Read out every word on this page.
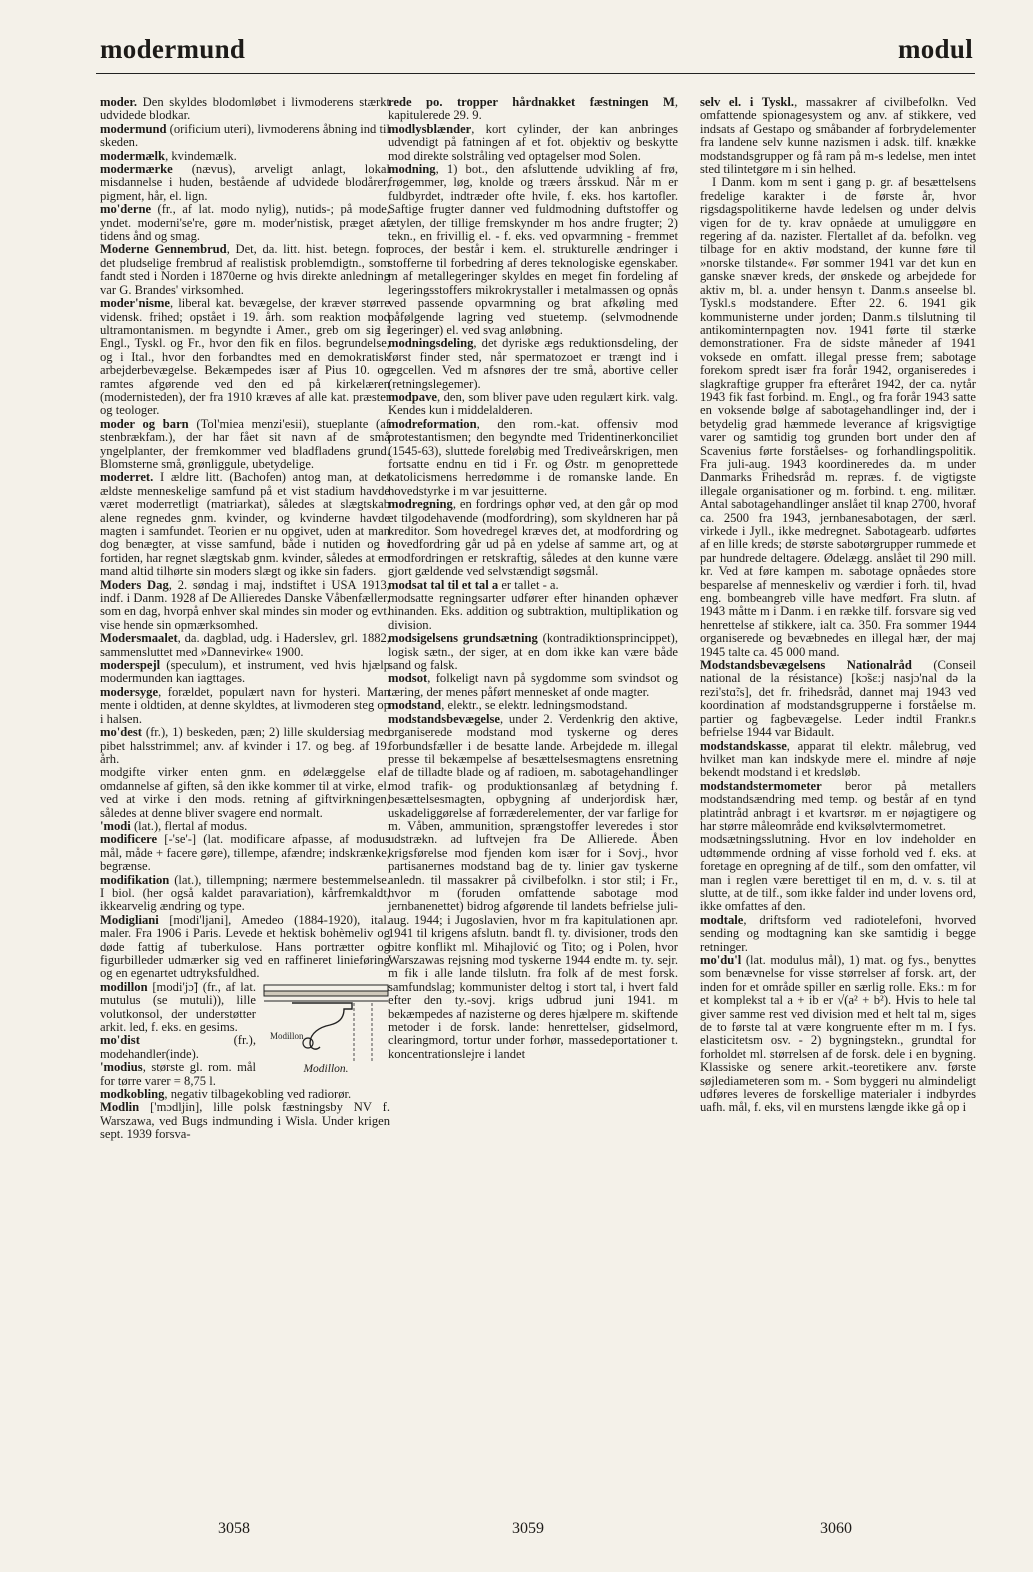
modermund	modul

moder. Den skyldes blodomløbet i livmoderens stærkt udvidede blodkar.

modermund (orificium uteri), livmoderens åbning ind til skeden.

modermælk, kvindemælk.

modermærke (nævus), arveligt anlagt, lokal misdannelse i huden, bestående af udvidede blodårer, pigment, hår, el. lign.

mo'derne (fr., af lat. modo nylig), nutids-; på mode, yndet. moderni'se're, gøre m. moder'nistisk, præget af tidens ånd og smag.

Moderne Gennembrud, Det, da. litt. hist. betegn. for det pludselige frembrud af realistisk problemdigtn., som fandt sted i Norden i 1870erne og hvis direkte anledning var G. Brandes' virksomhed.

moder'nisme, liberal kat. bevægelse, der kræver større vidensk. frihed; opstået i 19. årh. som reaktion mod ultramontanismen. m begyndte i Amer., greb om sig i Engl., Tyskl. og Fr., hvor den fik en filos. begrundelse, og i Ital., hvor den forbandtes med en demokratisk arbejderbevægelse. Bekæmpedes især af Pius 10. og ramtes afgørende ved den ed på kirkelæren (modernisteden), der fra 1910 kræves af alle kat. præster og teologer.

moder og barn (Tol'miea menzi'esii), stueplante (af stenbrækfam.), der har fået sit navn af de små yngelplanter, der fremkommer ved bladfladens grund. Blomsterne små, grønliggule, ubetydelige.

moderret. I ældre litt. (Bachofen) antog man, at det ældste menneskelige samfund på et vist stadium havde været moderretligt (matriarkat), således at slægtskab alene regnedes gnm. kvinder, og kvinderne havde magten i samfundet. Teorien er nu opgivet, uden at man dog benægter, at visse samfund, både i nutiden og i fortiden, har regnet slægtskab gnm. kvinder, således at en mand altid tilhørte sin moders slægt og ikke sin faders.

Moders Dag, 2. søndag i maj, indstiftet i USA 1913, indf. i Danm. 1928 af De Allieredes Danske Våbenfæller, som en dag, hvorpå enhver skal mindes sin moder og evt. vise hende sin opmærksomhed.

Modersmaalet, da. dagblad, udg. i Haderslev, grl. 1882, sammensluttet med »Dannevirke« 1900.

moderspejl (speculum), et instrument, ved hvis hjælp modermunden kan iagttages.

modersyge, forældet, populært navn for hysteri. Man mente i oldtiden, at denne skyldtes, at livmoderen steg op i halsen.

mo'dest (fr.), 1) beskeden, pæn; 2) lille skuldersiag med pibet halsstrimmel; anv. af kvinder i 17. og beg. af 19. årh.

modgifte virker enten gnm. en ødelæggelse el. omdannelse af giften, så den ikke kommer til at virke, el. ved at virke i den mods. retning af giftvirkningen, således at denne bliver svagere end normalt.

'modi (lat.), flertal af modus.

modificere [-'se'-] (lat. modificare afpasse, af modus mål, måde + facere gøre), tillempe, afændre; indskrænke, begrænse.

modifikation (lat.), tillempning; nærmere bestemmelse. I biol. (her også kaldet paravariation), kårfremkaldt, ikkearvelig ændring og type.

Modigliani [modi'ljani], Amedeo (1884-1920), ital. maler. Fra 1906 i Paris. Levede et hektisk bohèmeliv og døde fattig af tuberkulose. Hans portrætter og figurbilleder udmærker sig ved en raffineret linieføring og en egenartet udtryksfuldhed.

Modillon
Modillon.

modillon [modi'jɔ̃] (fr., af lat. mutulus (se mutuli)), lille volutkonsol, der understøtter arkit. led, f. eks. en gesims.

mo'dist (fr.), modehandler(inde).

'modius, største gl. rom. mål for tørre varer = 8,75 l.

modkobling, negativ tilbagekobling ved radiorør.

Modlin ['mɔdljin], lille polsk fæstningsby NV f. Warszawa, ved Bugs indmunding i Wisla. Under krigen sept. 1939 forsva-

rede po. tropper hårdnakket fæstningen M, kapitulerede 29. 9.

modlysblænder, kort cylinder, der kan anbringes udvendigt på fatningen af et fot. objektiv og beskytte mod direkte solstråling ved optagelser mod Solen.

modning, 1) bot., den afsluttende udvikling af frø, frøgemmer, løg, knolde og træers årsskud. Når m er fuldbyrdet, indtræder ofte hvile, f. eks. hos kartofler. Saftige frugter danner ved fuldmodning duftstoffer og ætylen, der tillige fremskynder m hos andre frugter; 2) tekn., en frivillig el. - f. eks. ved opvarmning - fremmet proces, der består i kem. el. strukturelle ændringer i stofferne til forbedring af deres teknologiske egenskaber. m af metallegeringer skyldes en meget fin fordeling af legeringsstoffers mikrokrystaller i metalmassen og opnås ved passende opvarmning og brat afkøling med påfølgende lagring ved stuetemp. (selvmodnende legeringer) el. ved svag anløbning.

modningsdeling, det dyriske ægs reduktionsdeling, der først finder sted, når spermatozoet er trængt ind i ægcellen. Ved m afsnøres der tre små, abortive celler (retningslegemer).

modpave, den, som bliver pave uden regulært kirk. valg. Kendes kun i middelalderen.

modreformation, den rom.-kat. offensiv mod protestantismen; den begyndte med Tridentinerkonciliet (1545-63), sluttede foreløbig med Trediveårskrigen, men fortsatte endnu en tid i Fr. og Østr. m genoprettede katolicismens herredømme i de romanske lande. En hovedstyrke i m var jesuitterne.

modregning, en fordrings ophør ved, at den går op mod et tilgodehavende (modfordring), som skyldneren har på kreditor. Som hovedregel kræves det, at modfordring og hovedfordring går ud på en ydelse af samme art, og at modfordringen er retskraftig, således at den kunne være gjort gældende ved selvstændigt søgsmål.

modsat tal til et tal a er tallet - a.

modsatte regningsarter udfører efter hinanden ophæver hinanden. Eks. addition og subtraktion, multiplikation og division.

modsigelsens grundsætning (kontradiktionsprincippet), logisk sætn., der siger, at en dom ikke kan være både sand og falsk.

modsot, folkeligt navn på sygdomme som svindsot og tæring, der menes påført mennesket af onde magter.

modstand, elektr., se elektr. ledningsmodstand.

modstandsbevægelse, under 2. Verdenkrig den aktive, organiserede modstand mod tyskerne og deres forbundsfæller i de besatte lande. Arbejdede m. illegal presse til bekæmpelse af besættelsesmagtens ensretning af de tilladte blade og af radioen, m. sabotagehandlinger mod trafik- og produktionsanlæg af betydning f. besættelsesmagten, opbygning af underjordisk hær, uskadeliggørelse af forræderelementer, der var farlige for m. Våben, ammunition, sprængstoffer leveredes i stor udstrækn. ad luftvejen fra De Allierede. Åben krigsførelse mod fjenden kom især for i Sovj., hvor partisanernes modstand bag de ty. linier gav tyskerne anledn. til massakrer på civilbefolkn. i stor stil; i Fr., hvor m (foruden omfattende sabotage mod jernbanenettet) bidrog afgørende til landets befrielse juli-aug. 1944; i Jugoslavien, hvor m fra kapitulationen apr. 1941 til krigens afslutn. bandt fl. ty. divisioner, trods den bitre konflikt ml. Mihajlović og Tito; og i Polen, hvor Warszawas rejsning mod tyskerne 1944 endte m. ty. sejr. m fik i alle lande tilslutn. fra folk af de mest forsk. samfundslag; kommunister deltog i stort tal, i hvert fald efter den ty.-sovj. krigs udbrud juni 1941. m bekæmpedes af nazisterne og deres hjælpere m. skiftende metoder i de forsk. lande: henrettelser, gidselmord, clearingmord, tortur under forhør, massedeportationer t. koncentrationslejre i landet

selv el. i Tyskl., massakrer af civilbefolkn. Ved omfattende spionagesystem og anv. af stikkere, ved indsats af Gestapo og småbander af forbrydelementer fra landene selv kunne nazismen i adsk. tilf. knække modstandsgrupper og få ram på m-s ledelse, men intet sted tilintetgøre m i sin helhed.

I Danm. kom m sent i gang p. gr. af besættelsens fredelige karakter i de første år, hvor rigsdagspolitikerne havde ledelsen og under delvis vigen for de ty. krav opnåede at umuliggøre en regering af da. nazister. Flertallet af da. befolkn. veg tilbage for en aktiv modstand, der kunne føre til »norske tilstande«. Før sommer 1941 var det kun en ganske snæver kreds, der ønskede og arbejdede for aktiv m, bl. a. under hensyn t. Danm.s anseelse bl. Tyskl.s modstandere. Efter 22. 6. 1941 gik kommunisterne under jorden; Danm.s tilslutning til antikominternpagten nov. 1941 førte til stærke demonstrationer. Fra de sidste måneder af 1941 voksede en omfatt. illegal presse frem; sabotage forekom spredt især fra forår 1942, organiseredes i slagkraftige grupper fra efteråret 1942, der ca. nytår 1943 fik fast forbind. m. Engl., og fra forår 1943 satte en voksende bølge af sabotagehandlinger ind, der i betydelig grad hæmmede leverance af krigsvigtige varer og samtidig tog grunden bort under den af Scavenius førte forståelses- og forhandlingspolitik. Fra juli-aug. 1943 koordineredes da. m under Danmarks Frihedsråd m. repræs. f. de vigtigste illegale organisationer og m. forbind. t. eng. militær. Antal sabotagehandlinger anslået til knap 2700, hvoraf ca. 2500 fra 1943, jernbanesabotagen, der særl. virkede i Jyll., ikke medregnet. Sabotagearb. udførtes af en lille kreds; de største sabotørgrupper rummede et par hundrede deltagere. Ødelægg. anslået til 290 mill. kr. Ved at føre kampen m. sabotage opnåedes store besparelse af menneskeliv og værdier i forh. til, hvad eng. bombeangreb ville have medført. Fra slutn. af 1943 måtte m i Danm. i en række tilf. forsvare sig ved henrettelse af stikkere, ialt ca. 350. Fra sommer 1944 organiserede og bevæbnedes en illegal hær, der maj 1945 talte ca. 45 000 mand.

Modstandsbevægelsens Nationalråd (Conseil national de la résistance) [kɔ̃sɛ:j nasjɔ'nal də la rezi'stɑ̃:s], det fr. frihedsråd, dannet maj 1943 ved koordination af modstandsgrupperne i forståelse m. partier og fagbevægelse. Leder indtil Frankr.s befrielse 1944 var Bidault.

modstandskasse, apparat til elektr. målebrug, ved hvilket man kan indskyde mere el. mindre af nøje bekendt modstand i et kredsløb.

modstandstermometer beror på metallers modstandsændring med temp. og består af en tynd platintråd anbragt i et kvartsrør. m er nøjagtigere og har større måleområde end kviksølvtermometret.

modsætningsslutning. Hvor en lov indeholder en udtømmende ordning af visse forhold ved f. eks. at foretage en opregning af de tilf., som den omfatter, vil man i reglen være berettiget til en m, d. v. s. til at slutte, at de tilf., som ikke falder ind under lovens ord, ikke omfattes af den.

modtale, driftsform ved radiotelefoni, hvorved sending og modtagning kan ske samtidig i begge retninger.

mo'du'l (lat. modulus mål), 1) mat. og fys., benyttes som benævnelse for visse størrelser af forsk. art, der inden for et område spiller en særlig rolle. Eks.: m for et komplekst tal a + ib er √(a² + b²). Hvis to hele tal giver samme rest ved division med et helt tal m, siges de to første tal at være kongruente efter m m. I fys. elasticitetsm osv. - 2) bygningstekn., grundtal for forholdet ml. størrelsen af de forsk. dele i en bygning. Klassiske og senere arkit.-teoretikere anv. første søjlediameteren som m. - Som byggeri nu almindeligt udføres leveres de forskellige materialer i indbyrdes uafh. mål, f. eks, vil en murstens længde ikke gå op i

3058	3059	3060
